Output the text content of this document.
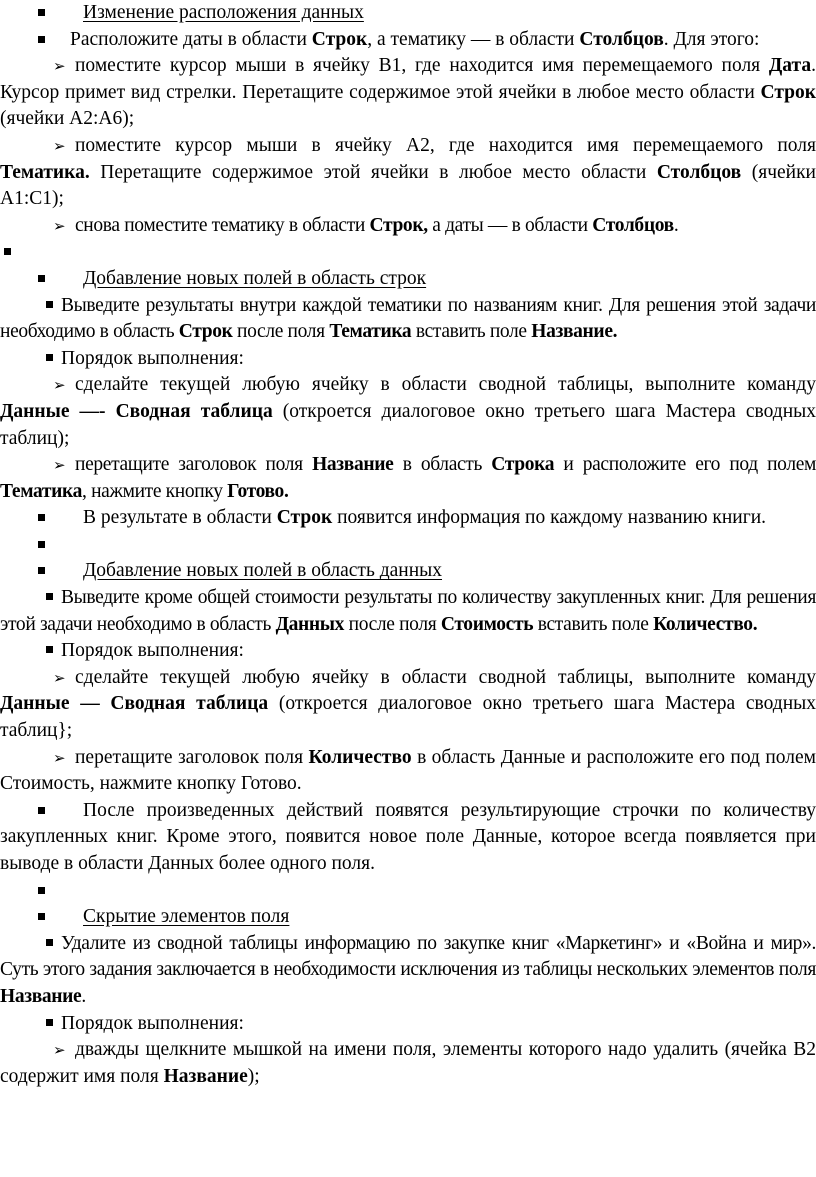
Изменение расположения данных

Расположите даты в области Строк, а тематику — в области Столбцов. Для этого:

➢ поместите курсор мыши в ячейку В1, где находится имя перемещаемого поля Дата. Курсор примет вид стрелки. Перетащите содержимое этой ячейки в любое место области Строк (ячейки А2:А6);

➢ поместите курсор мыши в ячейку А2, где находится имя перемещаемого поля Тематика. Перетащите содержимое этой ячейки в любое место области Столбцов (ячейки А1:С1);

➢ снова поместите тематику в области Строк, а даты — в области Столбцов.

Добавление новых полей в область строк

Выведите результаты внутри каждой тематики по названиям книг. Для решения этой задачи необходимо в область Строк после поля Тематика вставить поле Название.

Порядок выполнения:

➢ сделайте текущей любую ячейку в области сводной таблицы, выполните команду Данные —- Сводная таблица (откроется диалоговое окно третьего шага Мастера сводных таблиц);

➢ перетащите заголовок поля Название в область Строка и расположите его под полем Тематика, нажмите кнопку Готово.

В результате в области Строк появится информация по каждому названию книги.

Добавление новых полей в область данных

Выведите кроме общей стоимости результаты по количеству закупленных книг. Для решения этой задачи необходимо в область Данных после поля Стоимость вставить поле Количество.

Порядок выполнения:

➢ сделайте текущей любую ячейку в области сводной таблицы, выполните команду Данные — Сводная таблица (откроется диалоговое окно третьего шага Мастера сводных таблиц};

➢ перетащите заголовок поля Количество в область Данные и расположите его под полем Стоимость, нажмите кнопку Готово.

После произведенных действий появятся результирующие строчки по количеству закупленных книг. Кроме этого, появится новое поле Данные, которое всегда появляется при выводе в области Данных более одного поля.

Скрытие элементов поля

Удалите из сводной таблицы информацию по закупке книг «Маркетинг» и «Война и мир». Суть этого задания заключается в необходимости исключения из таблицы нескольких элементов поля Название.

Порядок выполнения:

➢ дважды щелкните мышкой на имени поля, элементы которого надо удалить (ячейка В2 содержит имя поля Название);
